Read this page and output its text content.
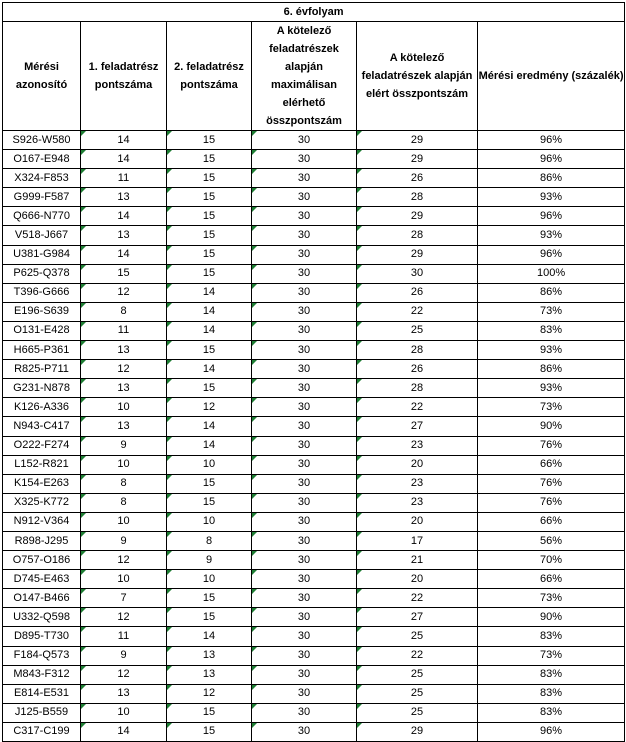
6. évfolyam					
Mérési azonosító	1. feladatrész pontszáma	2. feladatrész pontszáma	A kötelező feladatrészek alapján maximálisan elérhető összpontszám	A kötelező feladatrészek alapján elért összpontszám	Mérési eredmény (százalék)
S926-W580	14	15	30	29	96%
O167-E948	14	15	30	29	96%
X324-F853	11	15	30	26	86%
G999-F587	13	15	30	28	93%
Q666-N770	14	15	30	29	96%
V518-J667	13	15	30	28	93%
U381-G984	14	15	30	29	96%
P625-Q378	15	15	30	30	100%
T396-G666	12	14	30	26	86%
E196-S639	8	14	30	22	73%
O131-E428	11	14	30	25	83%
H665-P361	13	15	30	28	93%
R825-P711	12	14	30	26	86%
G231-N878	13	15	30	28	93%
K126-A336	10	12	30	22	73%
N943-C417	13	14	30	27	90%
O222-F274	9	14	30	23	76%
L152-R821	10	10	30	20	66%
K154-E263	8	15	30	23	76%
X325-K772	8	15	30	23	76%
N912-V364	10	10	30	20	66%
R898-J295	9	8	30	17	56%
O757-O186	12	9	30	21	70%
D745-E463	10	10	30	20	66%
O147-B466	7	15	30	22	73%
U332-Q598	12	15	30	27	90%
D895-T730	11	14	30	25	83%
F184-Q573	9	13	30	22	73%
M843-F312	12	13	30	25	83%
E814-E531	13	12	30	25	83%
J125-B559	10	15	30	25	83%
C317-C199	14	15	30	29	96%
